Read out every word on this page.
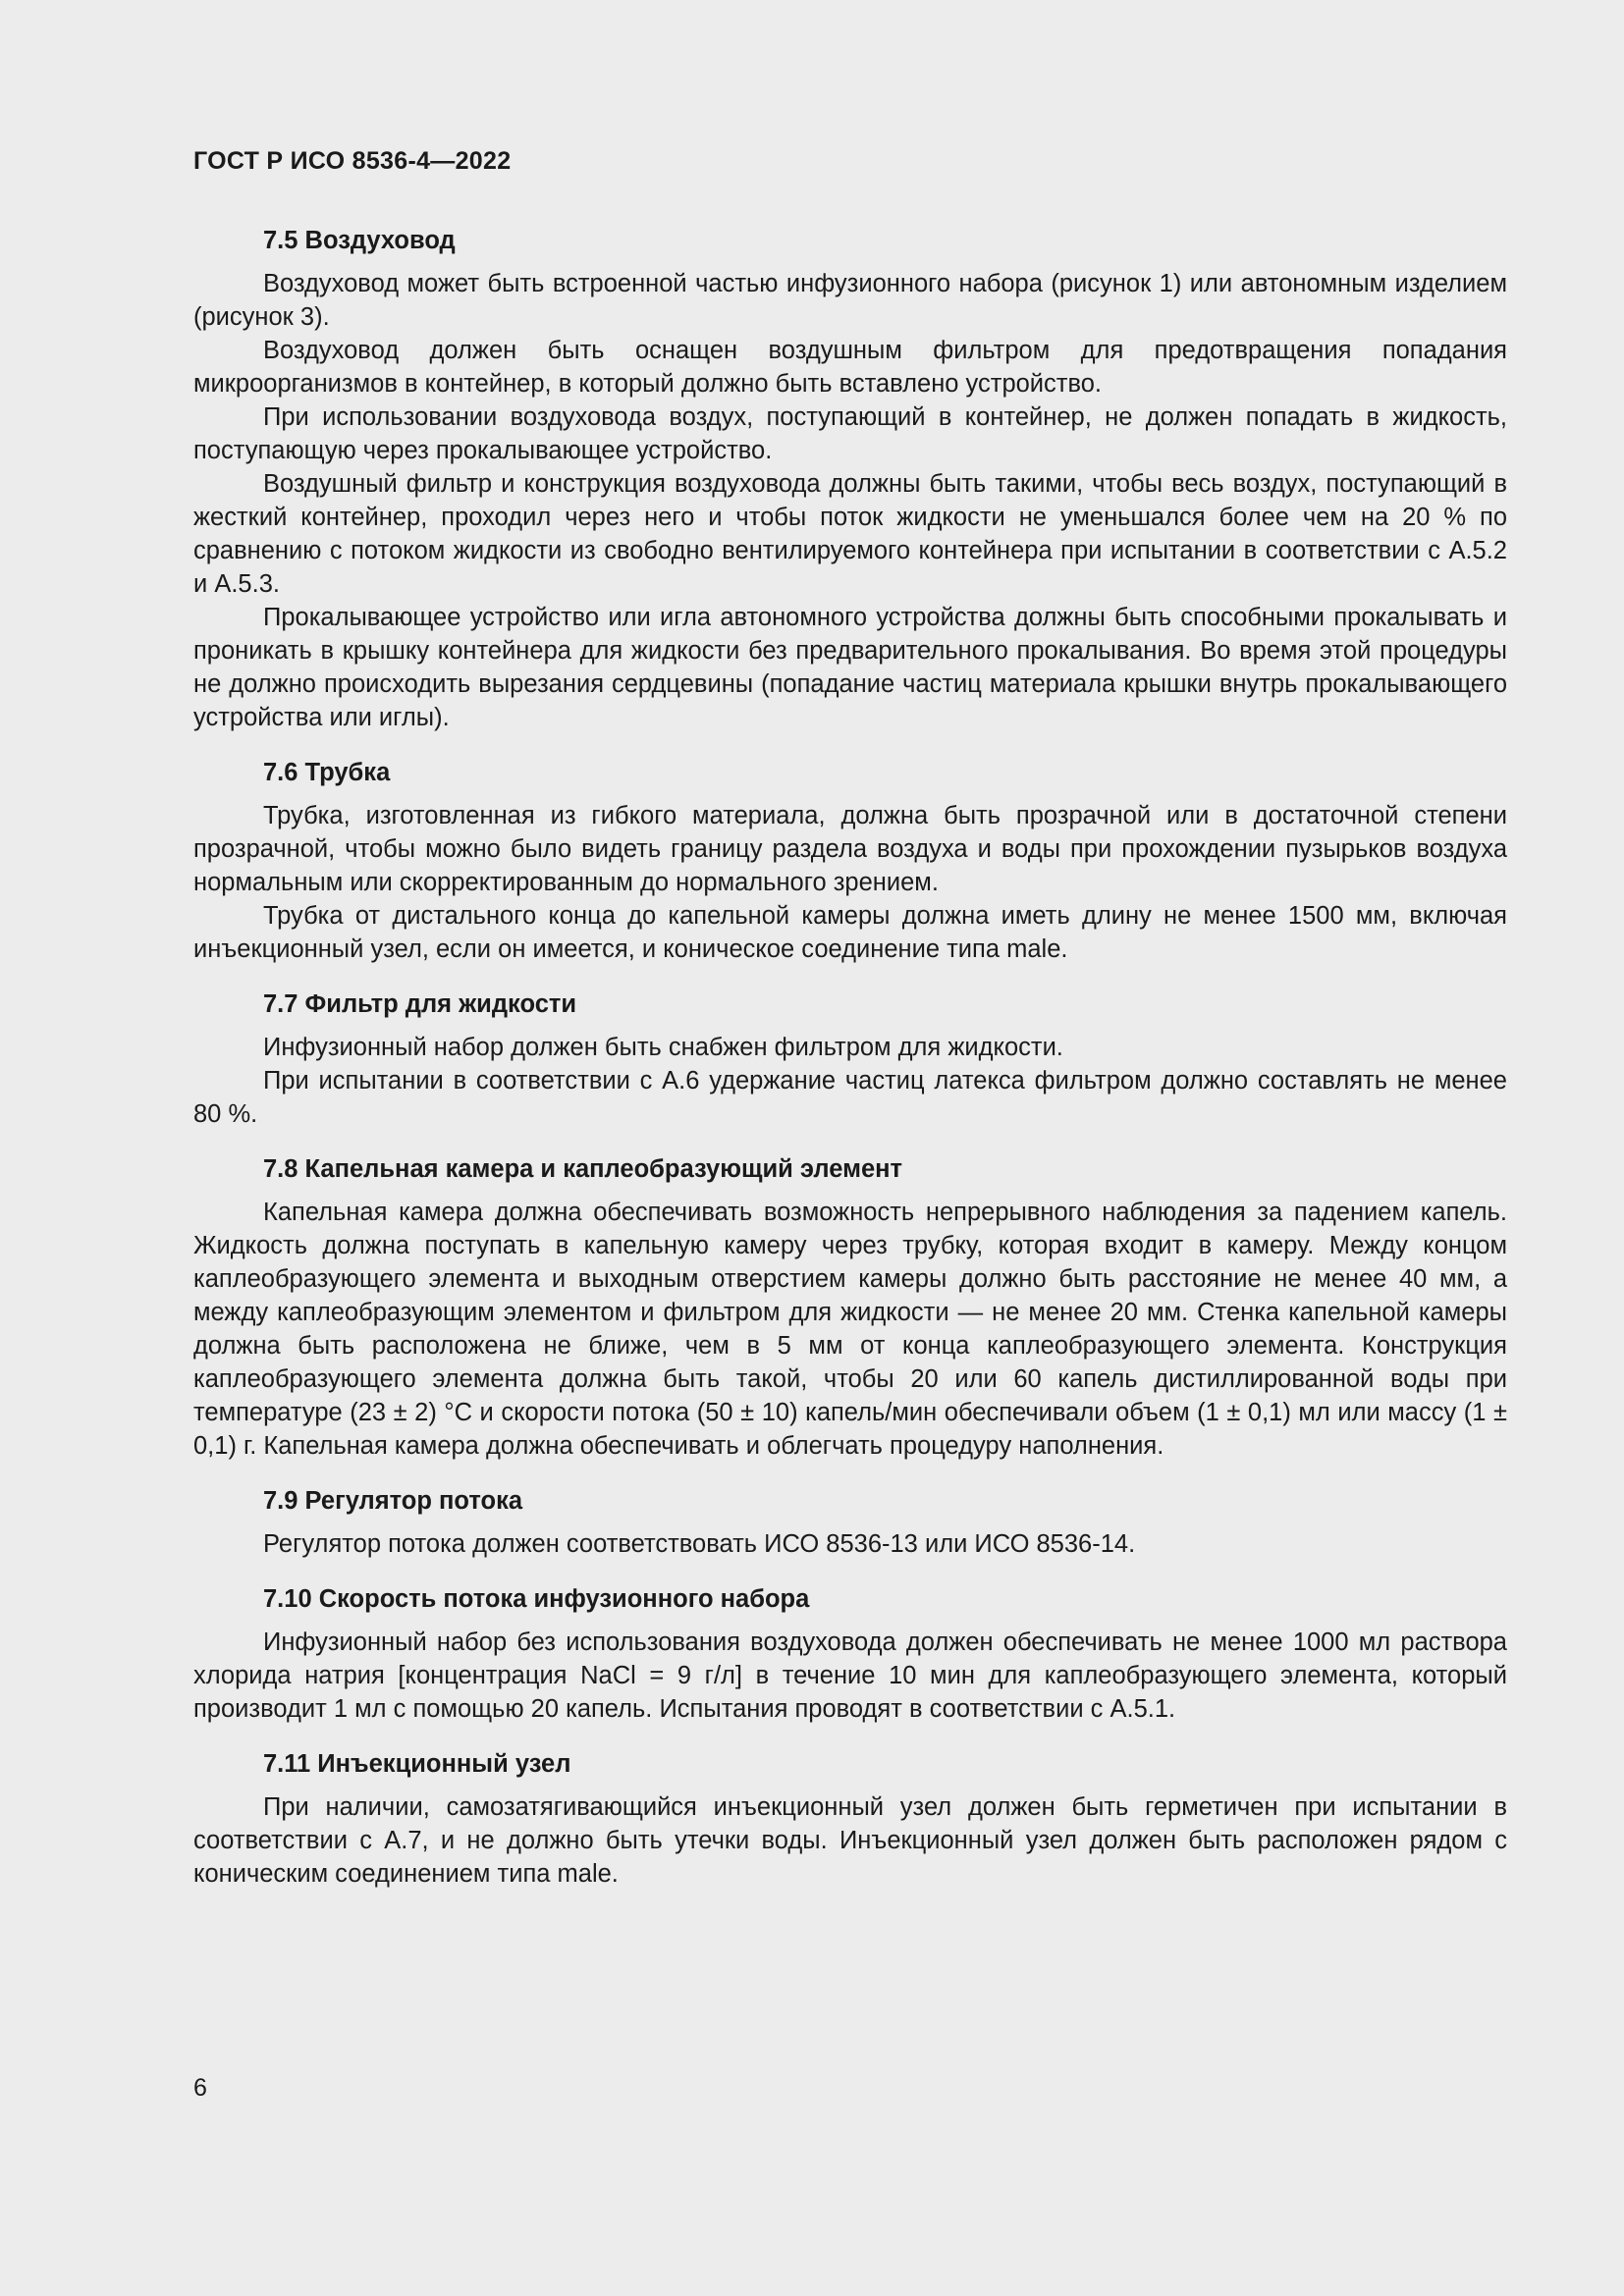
ГОСТ Р ИСО 8536-4—2022

7.5 Воздуховод

Воздуховод может быть встроенной частью инфузионного набора (рисунок 1) или автономным изделием (рисунок 3).

Воздуховод должен быть оснащен воздушным фильтром для предотвращения попадания микроорганизмов в контейнер, в который должно быть вставлено устройство.

При использовании воздуховода воздух, поступающий в контейнер, не должен попадать в жидкость, поступающую через прокалывающее устройство.

Воздушный фильтр и конструкция воздуховода должны быть такими, чтобы весь воздух, поступающий в жесткий контейнер, проходил через него и чтобы поток жидкости не уменьшался более чем на 20 % по сравнению с потоком жидкости из свободно вентилируемого контейнера при испытании в соответствии с A.5.2 и A.5.3.

Прокалывающее устройство или игла автономного устройства должны быть способными прокалывать и проникать в крышку контейнера для жидкости без предварительного прокалывания. Во время этой процедуры не должно происходить вырезания сердцевины (попадание частиц материала крышки внутрь прокалывающего устройства или иглы).

7.6 Трубка

Трубка, изготовленная из гибкого материала, должна быть прозрачной или в достаточной степени прозрачной, чтобы можно было видеть границу раздела воздуха и воды при прохождении пузырьков воздуха нормальным или скорректированным до нормального зрением.

Трубка от дистального конца до капельной камеры должна иметь длину не менее 1500 мм, включая инъекционный узел, если он имеется, и коническое соединение типа male.

7.7 Фильтр для жидкости

Инфузионный набор должен быть снабжен фильтром для жидкости.

При испытании в соответствии с A.6 удержание частиц латекса фильтром должно составлять не менее 80 %.

7.8 Капельная камера и каплеобразующий элемент

Капельная камера должна обеспечивать возможность непрерывного наблюдения за падением капель. Жидкость должна поступать в капельную камеру через трубку, которая входит в камеру. Между концом каплеобразующего элемента и выходным отверстием камеры должно быть расстояние не менее 40 мм, а между каплеобразующим элементом и фильтром для жидкости — не менее 20 мм. Стенка капельной камеры должна быть расположена не ближе, чем в 5 мм от конца каплеобразующего элемента. Конструкция каплеобразующего элемента должна быть такой, чтобы 20 или 60 капель дистиллированной воды при температуре (23 ± 2) °С и скорости потока (50 ± 10) капель/мин обеспечивали объем (1 ± 0,1) мл или массу (1 ± 0,1) г. Капельная камера должна обеспечивать и облегчать процедуру наполнения.

7.9 Регулятор потока

Регулятор потока должен соответствовать ИСО 8536-13 или ИСО 8536-14.

7.10 Скорость потока инфузионного набора

Инфузионный набор без использования воздуховода должен обеспечивать не менее 1000 мл раствора хлорида натрия [концентрация NaCl = 9 г/л] в течение 10 мин для каплеобразующего элемента, который производит 1 мл с помощью 20 капель. Испытания проводят в соответствии с A.5.1.

7.11 Инъекционный узел

При наличии, самозатягивающийся инъекционный узел должен быть герметичен при испытании в соответствии с A.7, и не должно быть утечки воды. Инъекционный узел должен быть расположен рядом с коническим соединением типа male.

6
